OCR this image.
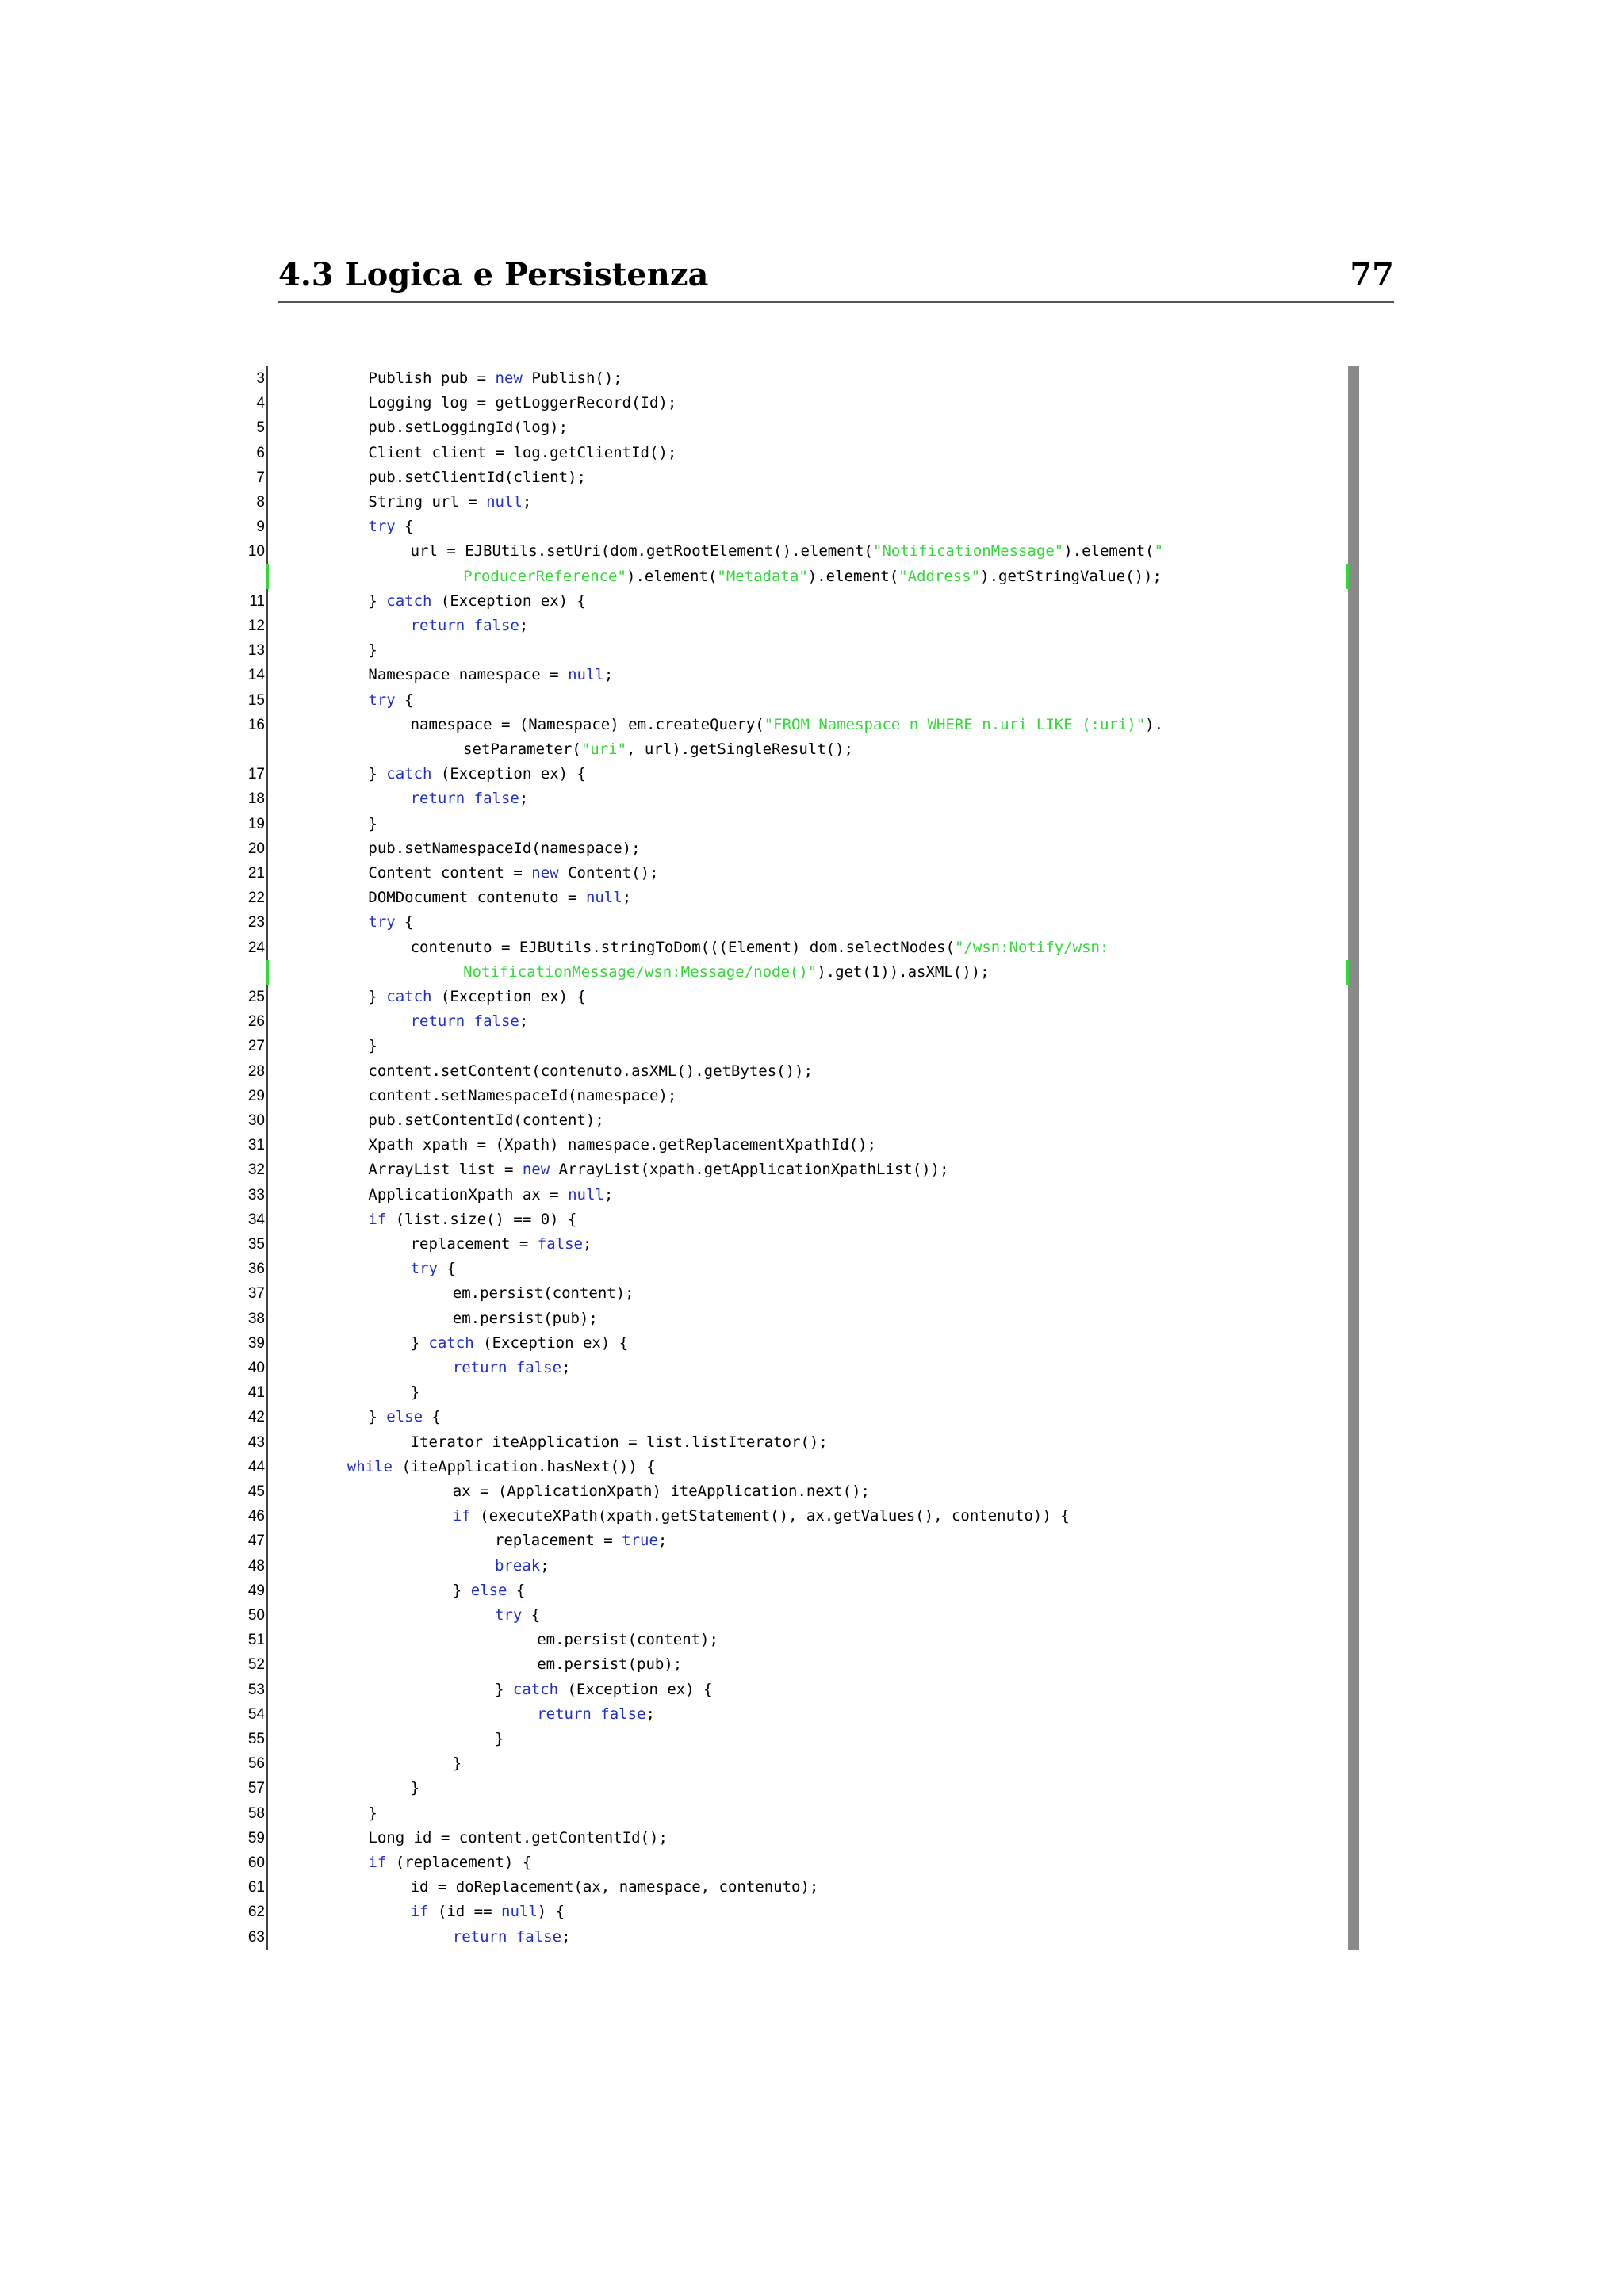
4.3 Logica e Persistenza	77
3	Publish pub = new Publish();
4	Logging log = getLoggerRecord(Id);
5	pub.setLoggingId(log);
6	Client client = log.getClientId();
7	pub.setClientId(client);
8	String url = null;
9	try {
10	url = EJBUtils.setUri(dom.getRootElement().element("NotificationMessage").element("
ProducerReference").element("Metadata").element("Address").getStringValue());
11	} catch (Exception ex) {
12	return false;
13	}
14	Namespace namespace = null;
15	try {
16	namespace = (Namespace) em.createQuery("FROM Namespace n WHERE n.uri LIKE (:uri)").
setParameter("uri", url).getSingleResult();
17	} catch (Exception ex) {
18	return false;
19	}
20	pub.setNamespaceId(namespace);
21	Content content = new Content();
22	DOMDocument contenuto = null;
23	try {
24	contenuto = EJBUtils.stringToDom(((Element) dom.selectNodes("/wsn:Notify/wsn:
NotificationMessage/wsn:Message/node()").get(1)).asXML());
25	} catch (Exception ex) {
26	return false;
27	}
28	content.setContent(contenuto.asXML().getBytes());
29	content.setNamespaceId(namespace);
30	pub.setContentId(content);
31	Xpath xpath = (Xpath) namespace.getReplacementXpathId();
32	ArrayList list = new ArrayList(xpath.getApplicationXpathList());
33	ApplicationXpath ax = null;
34	if (list.size() == 0) {
35	replacement = false;
36	try {
37	em.persist(content);
38	em.persist(pub);
39	} catch (Exception ex) {
40	return false;
41	}
42	} else {
43	Iterator iteApplication = list.listIterator();
44	while (iteApplication.hasNext()) {
45	ax = (ApplicationXpath) iteApplication.next();
46	if (executeXPath(xpath.getStatement(), ax.getValues(), contenuto)) {
47	replacement = true;
48	break;
49	} else {
50	try {
51	em.persist(content);
52	em.persist(pub);
53	} catch (Exception ex) {
54	return false;
55	}
56	}
57	}
58	}
59	Long id = content.getContentId();
60	if (replacement) {
61	id = doReplacement(ax, namespace, contenuto);
62	if (id == null) {
63	return false;
